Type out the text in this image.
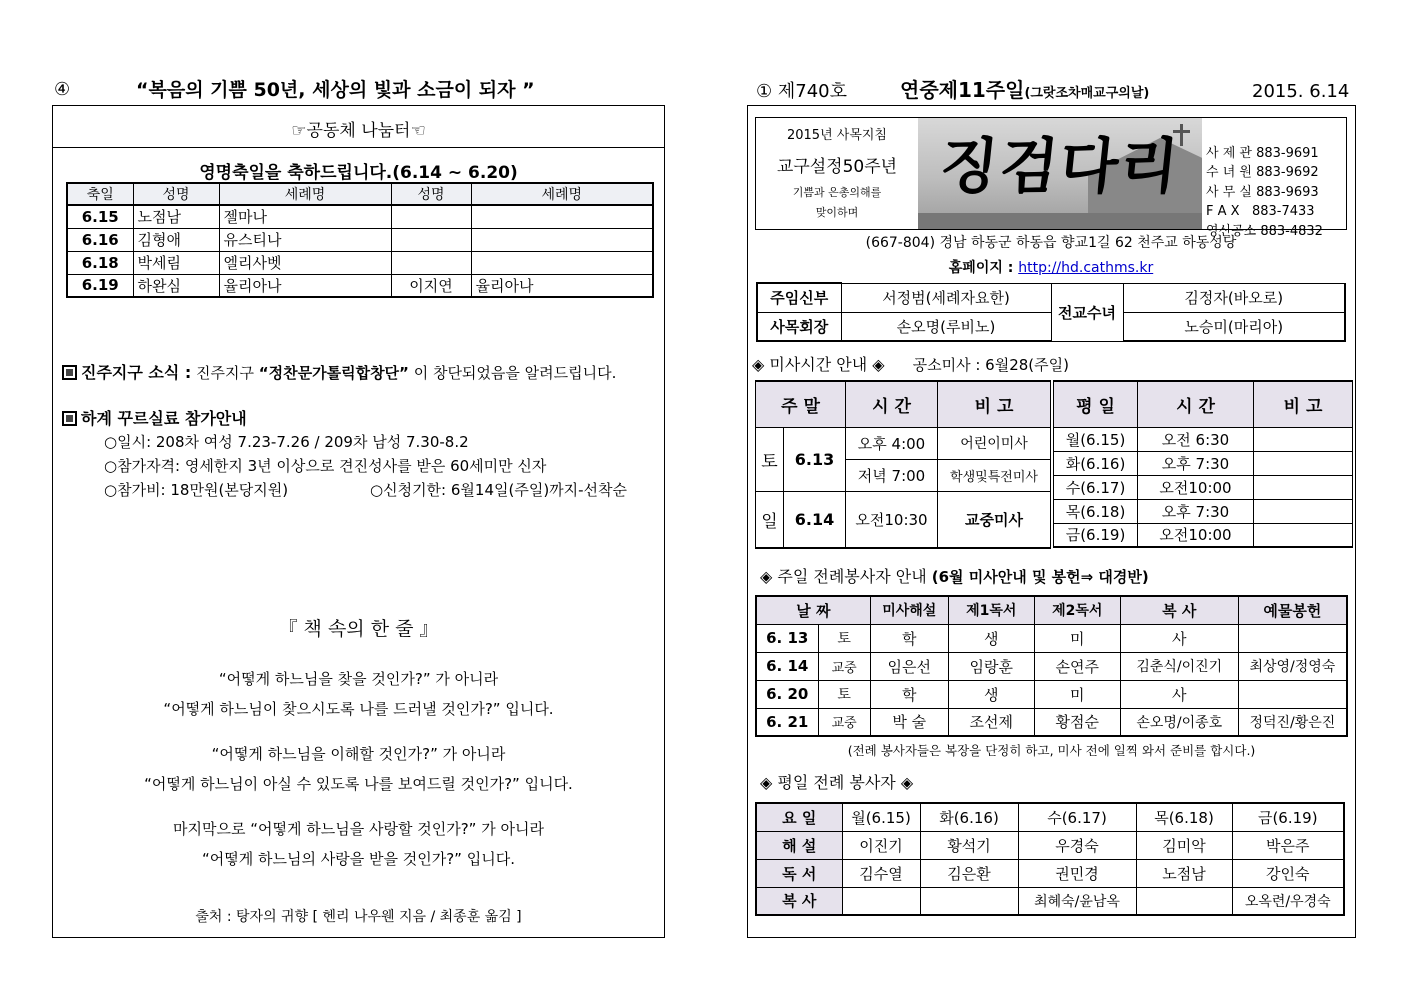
④	“복음의 기쁨 50년, 세상의 빛과 소금이 되자 ”
☞공동체 나눔터☜
영명축일을 축하드립니다.(6.14 ~ 6.20)
축일	성명	세례명	성명	세례명
6.15	노점남	젤마나		
6.16	김형애	유스티나		
6.18	박세림	엘리사벳		
6.19	하완심	율리아나	이지연	율리아나
진주지구 소식 : 진주지구 “정찬문가톨릭합창단” 이 창단되었음을 알려드립니다.
하계 꾸르실료 참가안내
○일시: 208차 여성 7.23-7.26 / 209차 남성 7.30-8.2
○참가자격: 영세한지 3년 이상으로 견진성사를 받은 60세미만 신자
○참가비: 18만원(본당지원)	○신청기한: 6월14일(주일)까지-선착순
『 책 속의 한 줄 』
“어떻게 하느님을 찾을 것인가?” 가 아니라
“어떻게 하느님이 찾으시도록 나를 드러낼 것인가?” 입니다.
“어떻게 하느님을 이해할 것인가?” 가 아니라
“어떻게 하느님이 아실 수 있도록 나를 보여드릴 것인가?” 입니다.
마지막으로 “어떻게 하느님을 사랑할 것인가?” 가 아니라
“어떻게 하느님의 사랑을 받을 것인가?” 입니다.
출처 : 탕자의 귀향 [ 헨리 나우웬 지음 / 최종훈 옮김 ]
① 제740호	연중제11주일(그랏조차매교구의날)	2015. 6.14
2015년 사목지침
교구설정50주년
기쁨과 은총의해를
맞이하며
징검다리 사 제 관 883-9691
수 녀 원 883-9692
사 무 실 883-9693
F A X   883-7433
영신공소 883-4832

(667-804) 경남 하동군 하동읍 향교1길 62 천주교 하동성당
홈페이지 : http://hd.cathms.kr
주임신부	서정범(세례자요한)	전교수녀	김정자(바오로)
사목회장	손오명(루비노)		노승미(마리아)
◈ 미사시간 안내 ◈ 공소미사 : 6월28(주일)
주 말		시 간	비 고
토	6.13	오후 4:00	어린이미사
		저녁 7:00	학생및특전미사
일	6.14	오전10:30	교중미사
평 일	시 간	비 고
월(6.15)	오전 6:30	
화(6.16)	오후 7:30	
수(6.17)	오전10:00	
목(6.18)	오후 7:30	
금(6.19)	오전10:00	
◈ 주일 전례봉사자 안내 (6월 미사안내 및 봉헌⇒ 대경반)
날 짜		미사해설	제1독서	제2독서	복 사	예물봉헌
6. 13	토	학	생	미	사	
6. 14	교중	임은선	임랑훈	손연주	김춘식/이진기	최상영/정영숙
6. 20	토	학	생	미	사	
6. 21	교중	박 술	조선제	황점순	손오명/이종호	정덕진/황은진
(전례 봉사자들은 복장을 단정히 하고, 미사 전에 일찍 와서 준비를 합시다.)
◈ 평일 전례 봉사자 ◈
요 일	월(6.15)	화(6.16)	수(6.17)	목(6.18)	금(6.19)
해 설	이진기	황석기	우경숙	김미악	박은주
독 서	김수열	김은환	권민경	노점남	강인숙
복 사			최혜숙/윤남옥		오옥련/우경숙
